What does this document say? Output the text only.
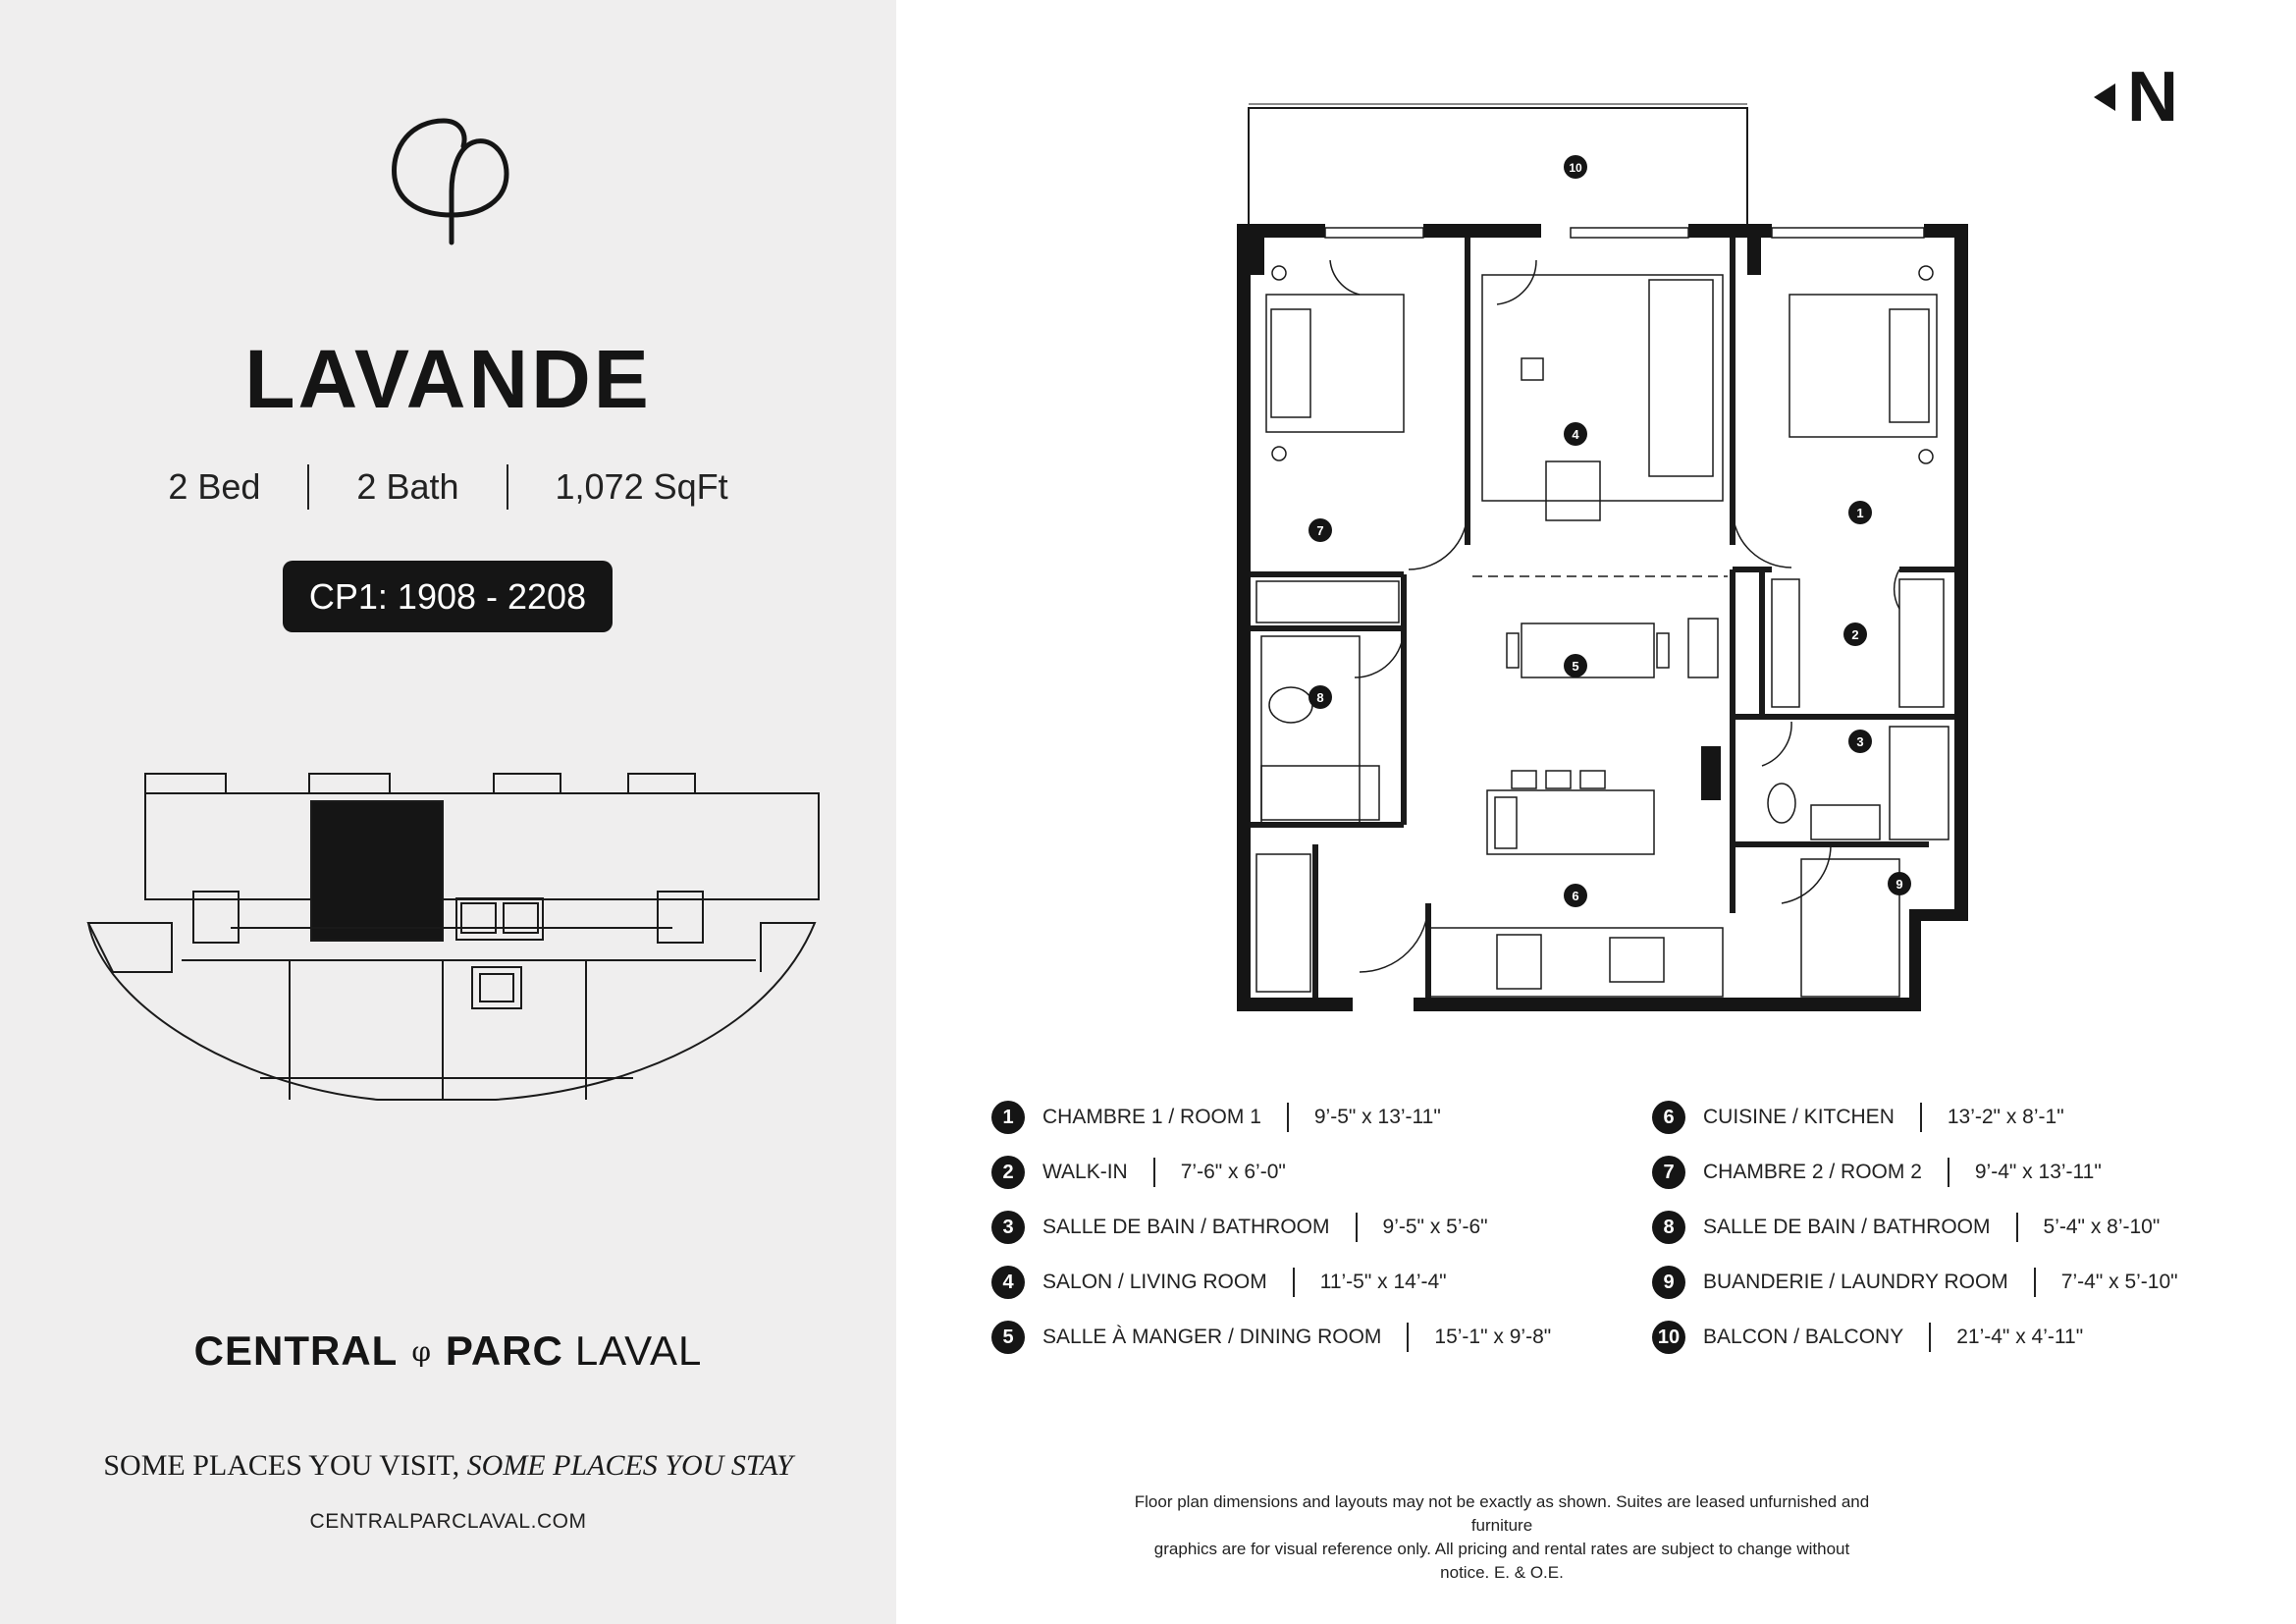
LAVANDE
2 Bed	2 Bath	1,072 SqFt
CP1: 1908 - 2208
CENTRAL φ PARC LAVAL
SOME PLACES YOU VISIT, SOME PLACES YOU STAY
CENTRALPARCLAVAL.COM
N
10
4
7
1
2
5
8
3
9
6
1	CHAMBRE 1 / ROOM 1	9’-5" x 13’-11"
2	WALK-IN	7’-6" x 6’-0"
3	SALLE DE BAIN / BATHROOM	9’-5" x 5’-6"
4	SALON / LIVING ROOM	11’-5" x 14’-4"
5	SALLE À MANGER / DINING ROOM	15’-1" x 9’-8"
6	CUISINE / KITCHEN	13’-2" x 8’-1"
7	CHAMBRE 2 / ROOM 2	9’-4" x 13’-11"
8	SALLE DE BAIN / BATHROOM	5’-4" x 8’-10"
9	BUANDERIE / LAUNDRY ROOM	7’-4" x 5’-10"
10 BALCON / BALCONY	21’-4" x 4’-11"
Floor plan dimensions and layouts may not be exactly as shown. Suites are leased unfurnished and furniture
graphics are for visual reference only. All pricing and rental rates are subject to change without notice. E. & O.E.
